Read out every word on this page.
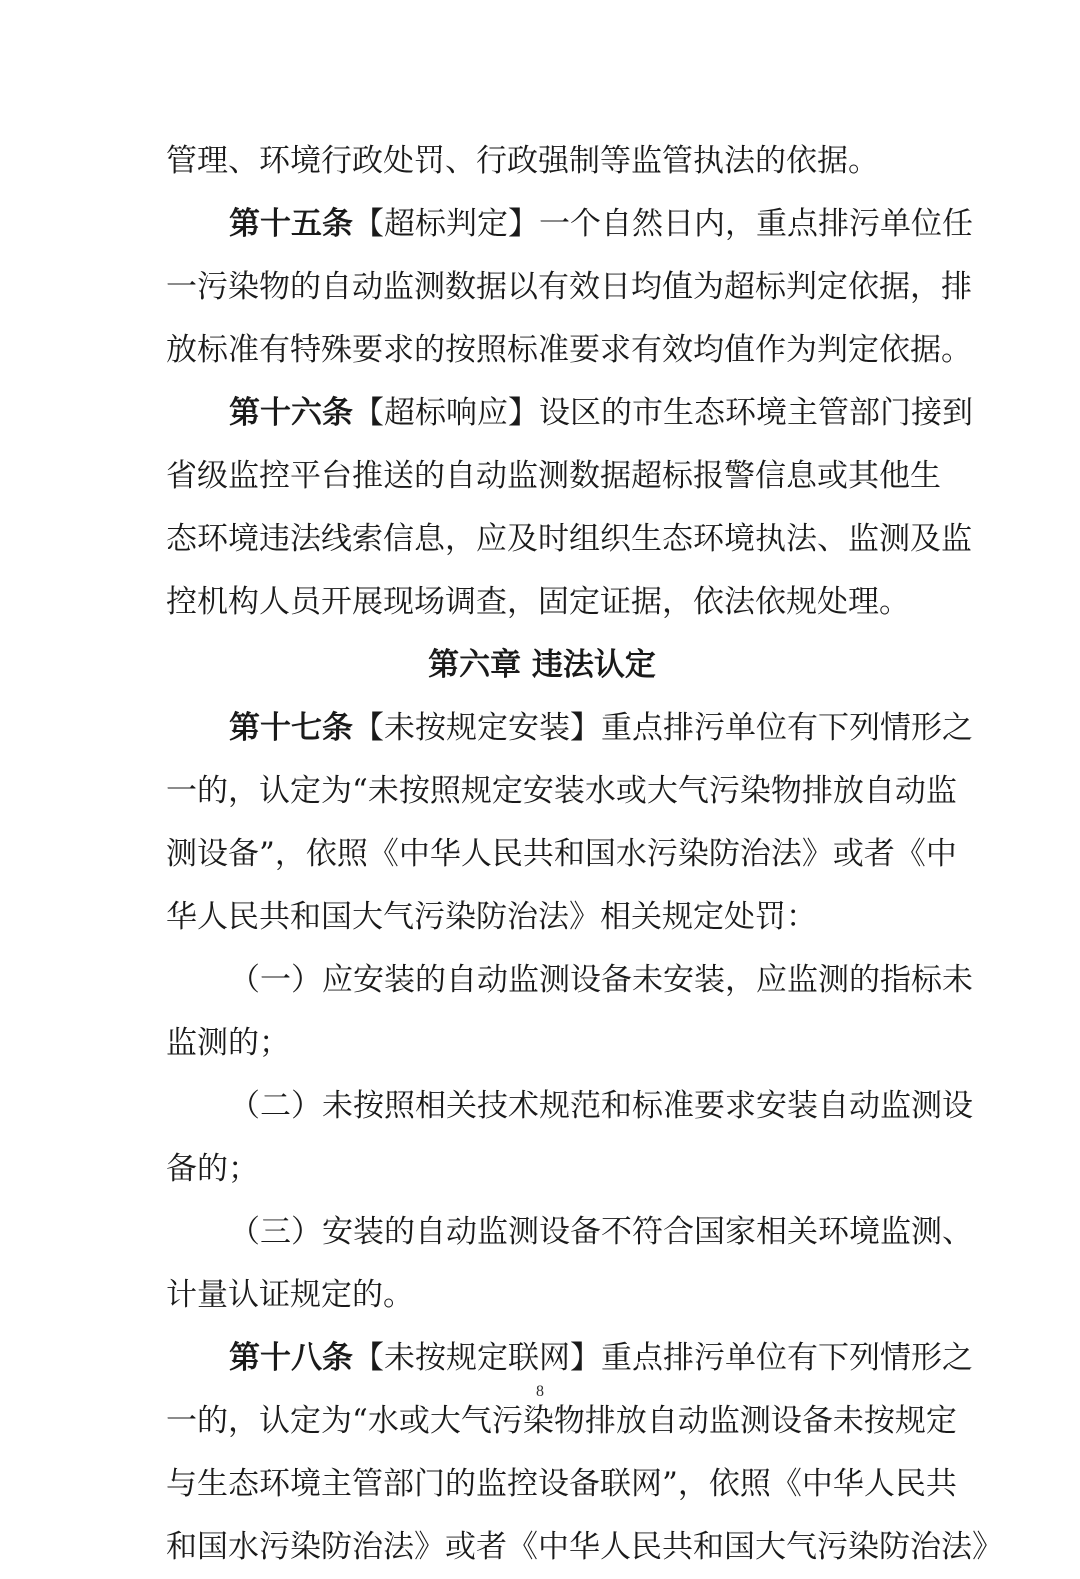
管理、环境行政处罚、行政强制等监管执法的依据。
第十五条【超标判定】一个自然日内，重点排污单位任
一污染物的自动监测数据以有效日均值为超标判定依据，排
放标准有特殊要求的按照标准要求有效均值作为判定依据。
第十六条【超标响应】设区的市生态环境主管部门接到
省级监控平台推送的自动监测数据超标报警信息或其他生
态环境违法线索信息，应及时组织生态环境执法、监测及监
控机构人员开展现场调查，固定证据，依法依规处理。
第六章 违法认定
第十七条【未按规定安装】重点排污单位有下列情形之
一的，认定为“未按照规定安装水或大气污染物排放自动监
测设备”，依照《中华人民共和国水污染防治法》或者《中
华人民共和国大气污染防治法》相关规定处罚：
（一）应安装的自动监测设备未安装，应监测的指标未
监测的；
（二）未按照相关技术规范和标准要求安装自动监测设
备的；
（三）安装的自动监测设备不符合国家相关环境监测、
计量认证规定的。
第十八条【未按规定联网】重点排污单位有下列情形之
一的，认定为“水或大气污染物排放自动监测设备未按规定
与生态环境主管部门的监控设备联网”，依照《中华人民共
和国水污染防治法》或者《中华人民共和国大气污染防治法》
8
